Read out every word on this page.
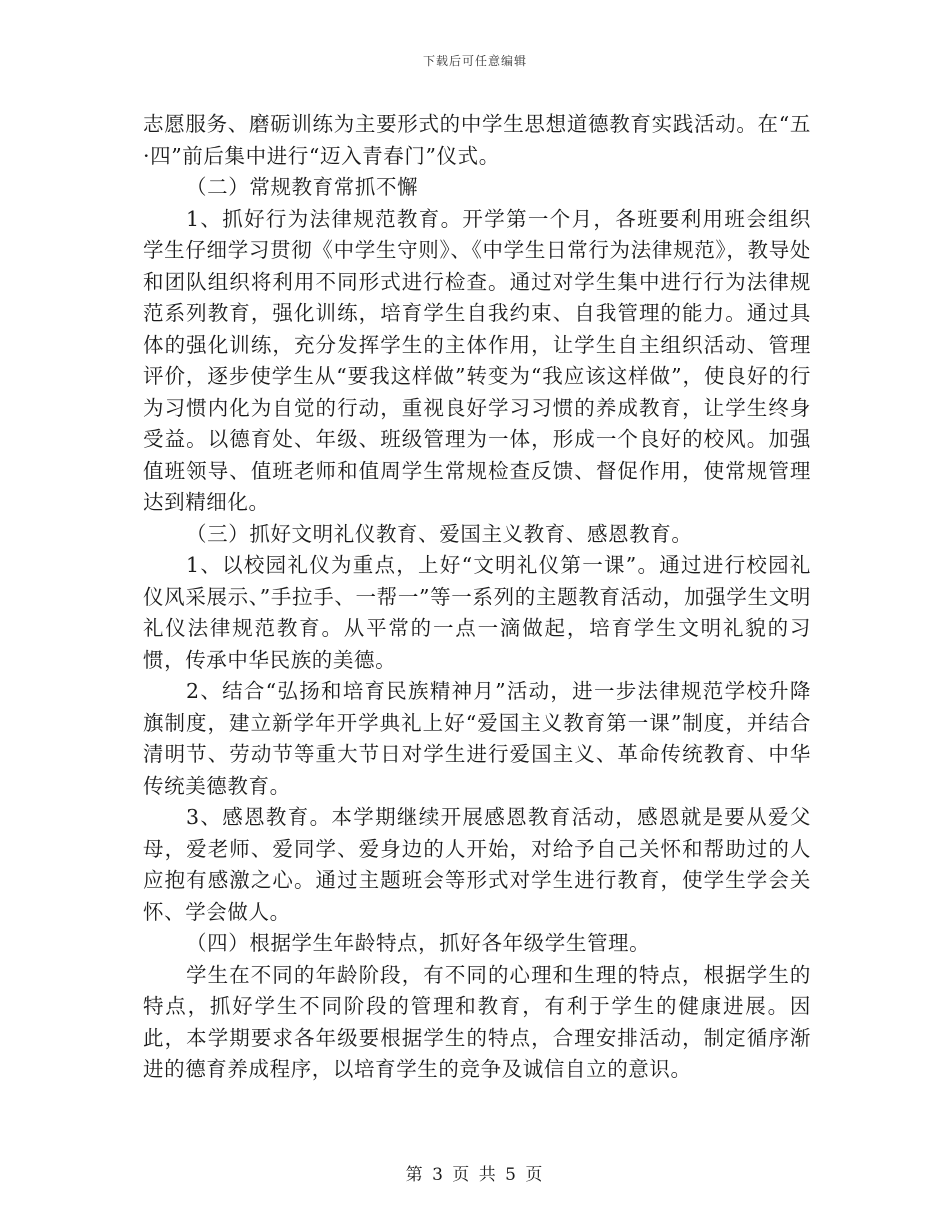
下载后可任意编辑

志愿服务、磨砺训练为主要形式的中学生思想道德教育实践活动。在“五·四”前后集中进行“迈入青春门”仪式。

（二）常规教育常抓不懈

1、抓好行为法律规范教育。开学第一个月，各班要利用班会组织学生仔细学习贯彻《中学生守则》、《中学生日常行为法律规范》，教导处和团队组织将利用不同形式进行检查。通过对学生集中进行行为法律规范系列教育，强化训练，培育学生自我约束、自我管理的能力。通过具体的强化训练，充分发挥学生的主体作用，让学生自主组织活动、管理评价，逐步使学生从“要我这样做”转变为“我应该这样做”，使良好的行为习惯内化为自觉的行动，重视良好学习习惯的养成教育，让学生终身受益。以德育处、年级、班级管理为一体，形成一个良好的校风。加强值班领导、值班老师和值周学生常规检查反馈、督促作用，使常规管理达到精细化。

（三）抓好文明礼仪教育、爱国主义教育、感恩教育。

1、以校园礼仪为重点，上好“文明礼仪第一课”。通过进行校园礼仪风采展示、”手拉手、一帮一”等一系列的主题教育活动，加强学生文明礼仪法律规范教育。从平常的一点一滴做起，培育学生文明礼貌的习惯，传承中华民族的美德。

2、结合“弘扬和培育民族精神月”活动，进一步法律规范学校升降旗制度，建立新学年开学典礼上好“爱国主义教育第一课”制度，并结合清明节、劳动节等重大节日对学生进行爱国主义、革命传统教育、中华传统美德教育。

3、感恩教育。本学期继续开展感恩教育活动，感恩就是要从爱父母，爱老师、爱同学、爱身边的人开始，对给予自己关怀和帮助过的人应抱有感激之心。通过主题班会等形式对学生进行教育，使学生学会关怀、学会做人。

（四）根据学生年龄特点，抓好各年级学生管理。

学生在不同的年龄阶段，有不同的心理和生理的特点，根据学生的特点，抓好学生不同阶段的管理和教育，有利于学生的健康进展。因此，本学期要求各年级要根据学生的特点，合理安排活动，制定循序渐进的德育养成程序，以培育学生的竞争及诚信自立的意识。

第 3 页 共 5 页
